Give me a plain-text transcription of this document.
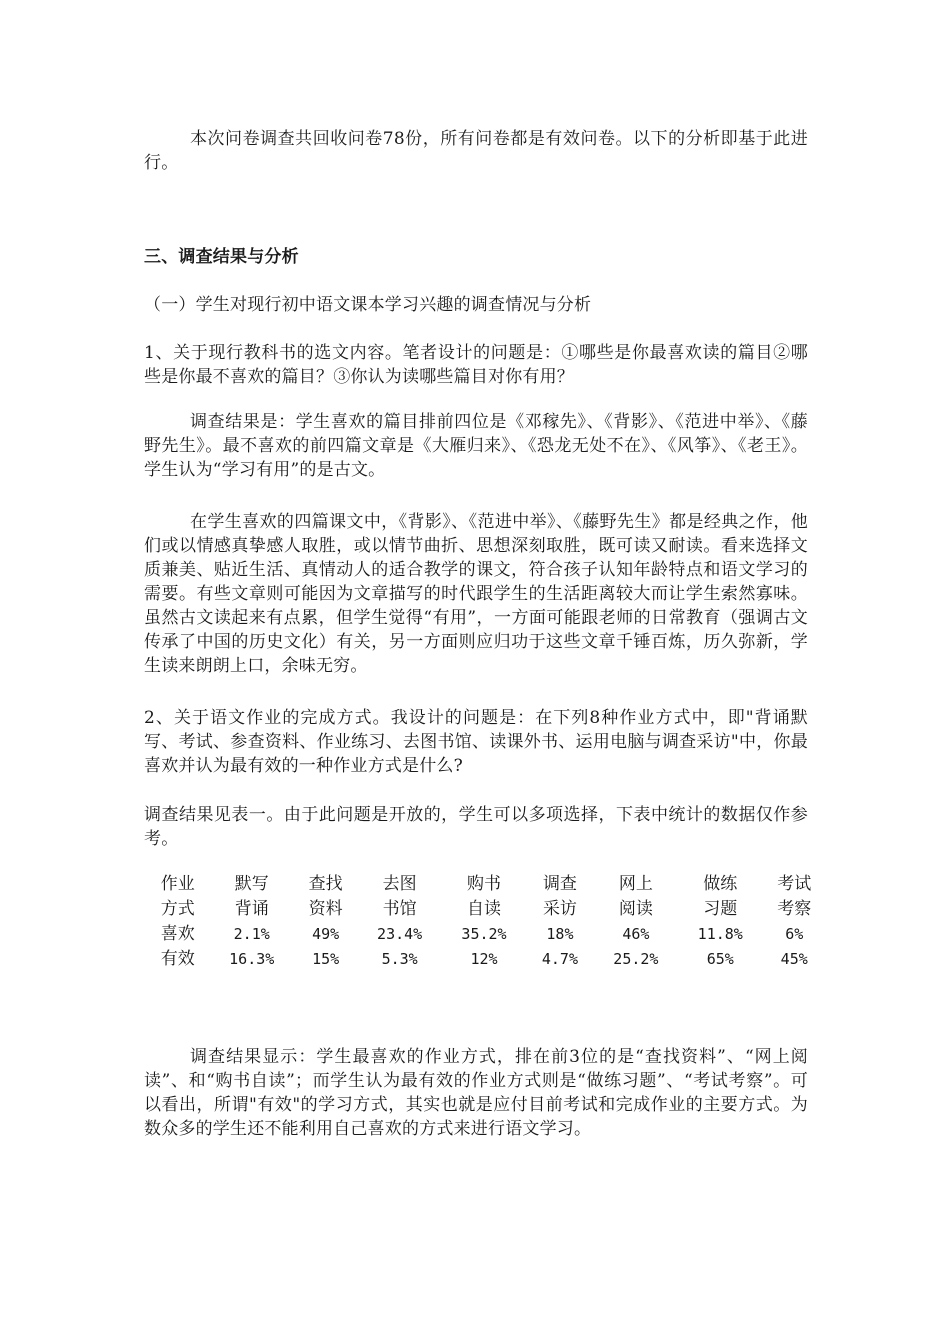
本次问卷调查共回收问卷78份，所有问卷都是有效问卷。以下的分析即基于此进行。

三、调查结果与分析

（一）学生对现行初中语文课本学习兴趣的调查情况与分析

1、关于现行教科书的选文内容。笔者设计的问题是：①哪些是你最喜欢读的篇目②哪些是你最不喜欢的篇目？③你认为读哪些篇目对你有用？

调查结果是：学生喜欢的篇目排前四位是《邓稼先》、《背影》、《范进中举》、《藤野先生》。最不喜欢的前四篇文章是《大雁归来》、《恐龙无处不在》、《风筝》、《老王》。学生认为“学习有用”的是古文。

在学生喜欢的四篇课文中，《背影》、《范进中举》、《藤野先生》都是经典之作，他们或以情感真挚感人取胜，或以情节曲折、思想深刻取胜，既可读又耐读。看来选择文质兼美、贴近生活、真情动人的适合教学的课文，符合孩子认知年龄特点和语文学习的需要。有些文章则可能因为文章描写的时代跟学生的生活距离较大而让学生索然寡味。虽然古文读起来有点累，但学生觉得“有用”，一方面可能跟老师的日常教育（强调古文传承了中国的历史文化）有关，另一方面则应归功于这些文章千锤百炼，历久弥新，学生读来朗朗上口，余味无穷。

2、关于语文作业的完成方式。我设计的问题是：在下列8种作业方式中，即"背诵默写、考试、参查资料、作业练习、去图书馆、读课外书、运用电脑与调查采访"中，你最喜欢并认为最有效的一种作业方式是什么?

调查结果见表一。由于此问题是开放的，学生可以多项选择，下表中统计的数据仅作参考。

作业	默写	查找	去图	购书	调查	网上	做练	考试
方式	背诵	资料	书馆	自读	采访	阅读	习题	考察
喜欢	2.1%	49%	23.4%	35.2%	18%	46%	11.8%	6%
有效	16.3%	15%	5.3%	12%	4.7%	25.2%	65%	45%

调查结果显示：学生最喜欢的作业方式，排在前3位的是“查找资料”、“网上阅读”、和“购书自读”；而学生认为最有效的作业方式则是“做练习题”、“考试考察”。可以看出，所谓"有效"的学习方式，其实也就是应付目前考试和完成作业的主要方式。为数众多的学生还不能利用自己喜欢的方式来进行语文学习。
